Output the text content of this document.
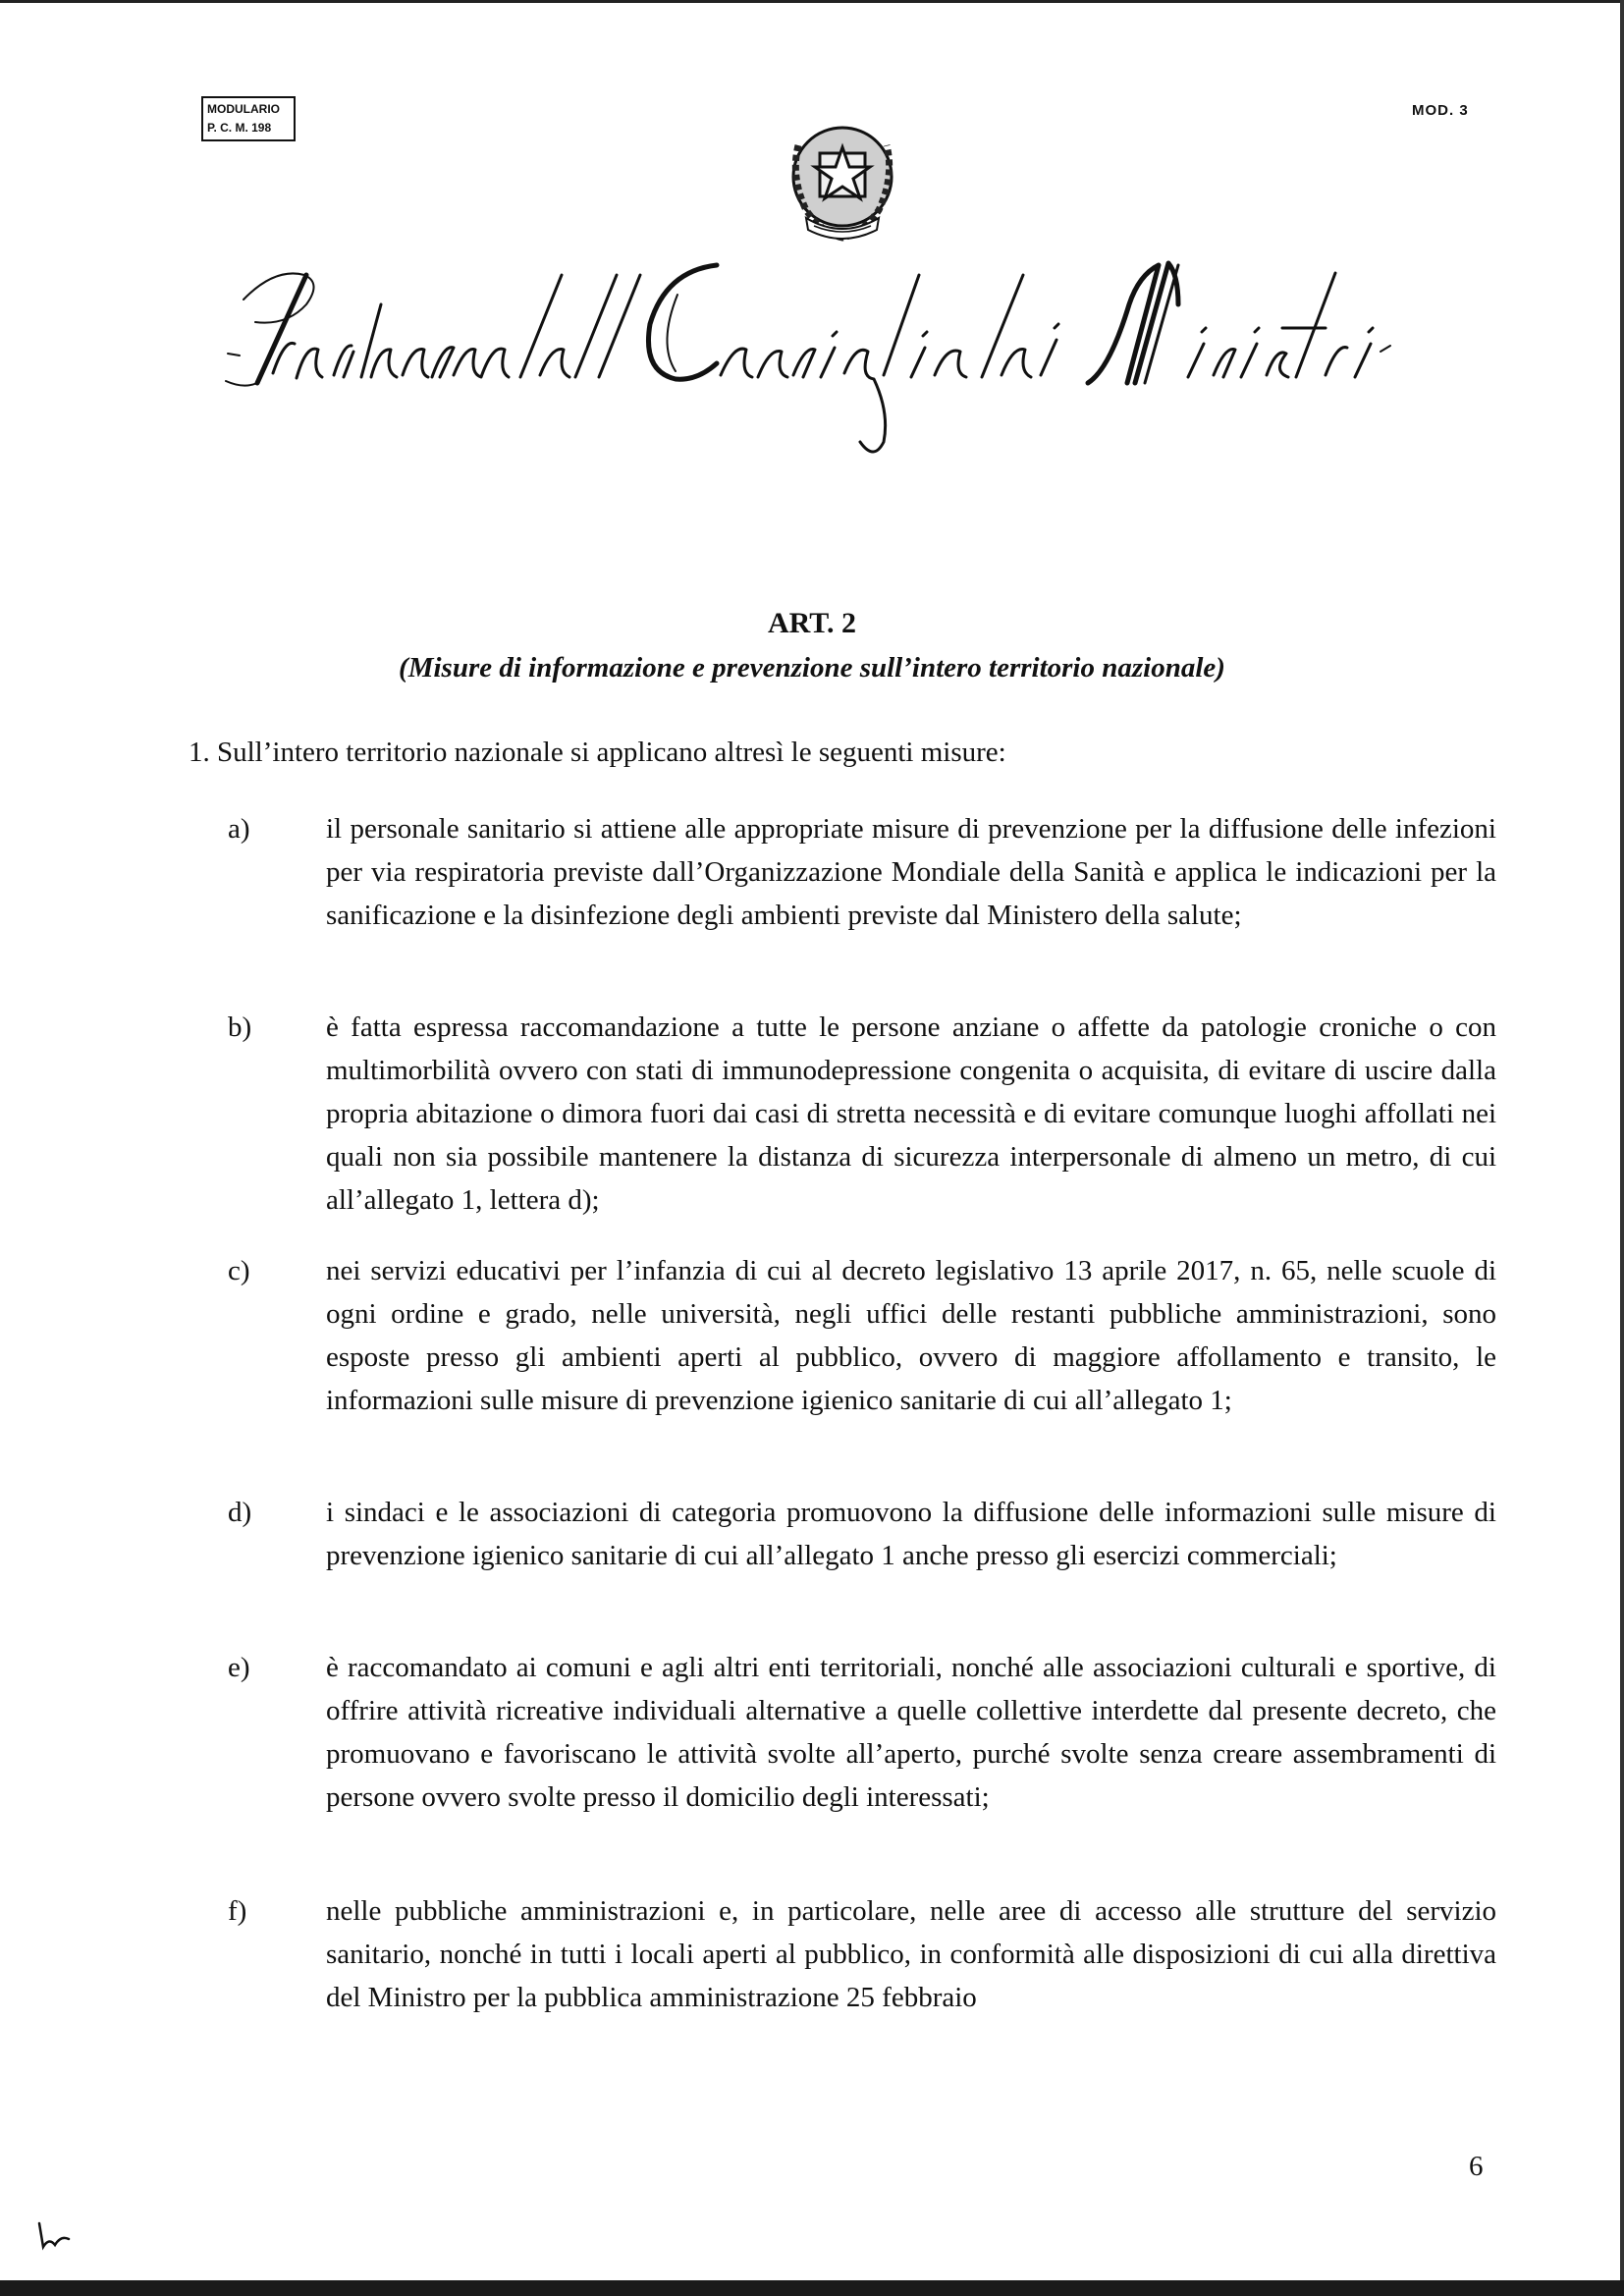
MODULARIO
P. C. M. 198
MOD. 3
ART. 2
(Misure di informazione e prevenzione sull’intero territorio nazionale)
1. Sull’intero territorio nazionale si applicano altresì le seguenti misure:
a)	il personale sanitario si attiene alle appropriate misure di prevenzione per la diffusione delle infezioni per via respiratoria previste dall’Organizzazione Mondiale della Sanità e applica le indicazioni per la sanificazione e la disinfezione degli ambienti previste dal Ministero della salute;
b)	è fatta espressa raccomandazione a tutte le persone anziane o affette da patologie croniche o con multimorbilità ovvero con stati di immunodepressione congenita o acquisita, di evitare di uscire dalla propria abitazione o dimora fuori dai casi di stretta necessità e di evitare comunque luoghi affollati nei quali non sia possibile mantenere la distanza di sicurezza interpersonale di almeno un metro, di cui all’allegato 1, lettera d);
c)	nei servizi educativi per l’infanzia di cui al decreto legislativo 13 aprile 2017, n. 65, nelle scuole di ogni ordine e grado, nelle università, negli uffici delle restanti pubbliche amministrazioni, sono esposte presso gli ambienti aperti al pubblico, ovvero di maggiore affollamento e transito, le informazioni sulle misure di prevenzione igienico sanitarie di cui all’allegato 1;
d)	i sindaci e le associazioni di categoria promuovono la diffusione delle informazioni sulle misure di prevenzione igienico sanitarie di cui all’allegato 1 anche presso gli esercizi commerciali;
e)	è raccomandato ai comuni e agli altri enti territoriali, nonché alle associazioni culturali e sportive, di offrire attività ricreative individuali alternative a quelle collettive interdette dal presente decreto, che promuovano e favoriscano le attività svolte all’aperto, purché svolte senza creare assembramenti di persone ovvero svolte presso il domicilio degli interessati;
f)	nelle pubbliche amministrazioni e, in particolare, nelle aree di accesso alle strutture del servizio sanitario, nonché in tutti i locali aperti al pubblico, in conformità alle disposizioni di cui alla direttiva del Ministro per la pubblica amministrazione 25 febbraio
6
